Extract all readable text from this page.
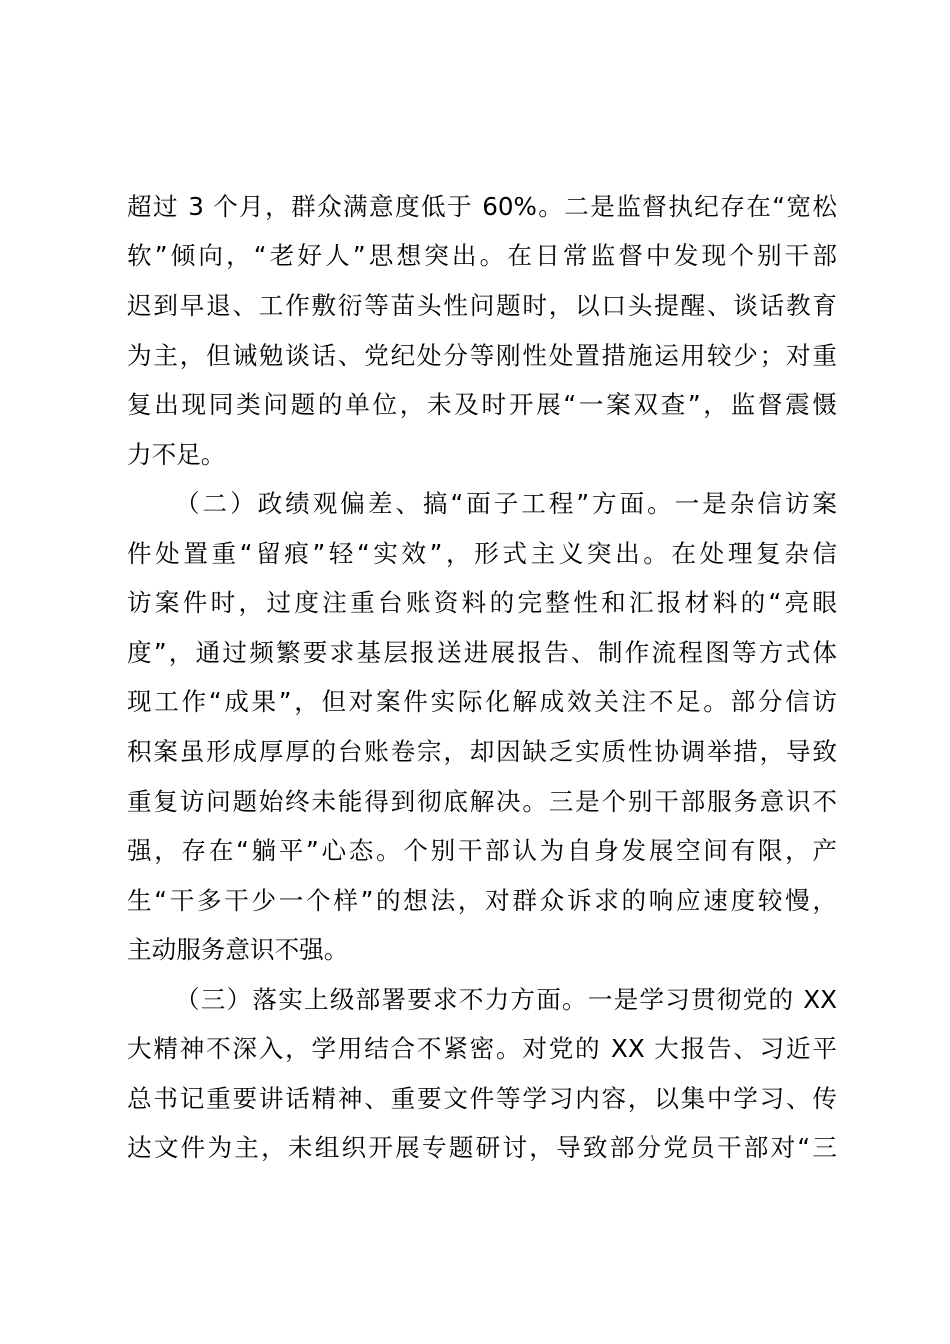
超过 3 个月，群众满意度低于 60%。二是监督执纪存在“宽松
软”倾向，“老好人”思想突出。在日常监督中发现个别干部
迟到早退、工作敷衍等苗头性问题时，以口头提醒、谈话教育
为主，但诫勉谈话、党纪处分等刚性处置措施运用较少；对重
复出现同类问题的单位，未及时开展“一案双查”，监督震慑
力不足。
（二）政绩观偏差、搞“面子工程”方面。一是杂信访案
件处置重“留痕”轻“实效”，形式主义突出。在处理复杂信
访案件时，过度注重台账资料的完整性和汇报材料的“亮眼
度”，通过频繁要求基层报送进展报告、制作流程图等方式体
现工作“成果”，但对案件实际化解成效关注不足。部分信访
积案虽形成厚厚的台账卷宗，却因缺乏实质性协调举措，导致
重复访问题始终未能得到彻底解决。三是个别干部服务意识不
强，存在“躺平”心态。个别干部认为自身发展空间有限，产
生“干多干少一个样”的想法，对群众诉求的响应速度较慢，
主动服务意识不强。
（三）落实上级部署要求不力方面。一是学习贯彻党的 XX
大精神不深入，学用结合不紧密。对党的 XX 大报告、习近平
总书记重要讲话精神、重要文件等学习内容，以集中学习、传
达文件为主，未组织开展专题研讨，导致部分党员干部对“三
